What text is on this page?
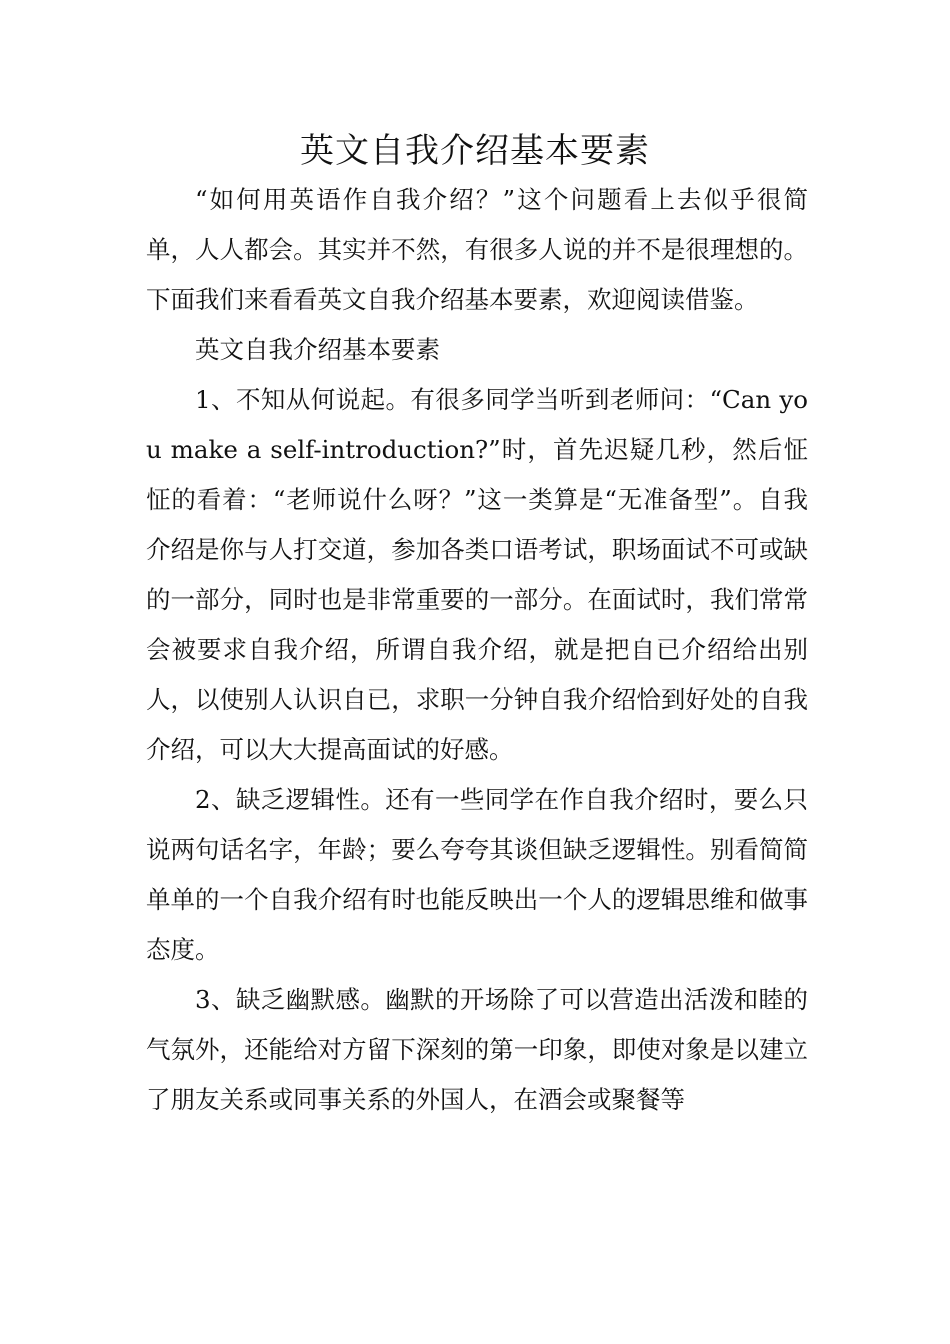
英文自我介绍基本要素

“如何用英语作自我介绍？”这个问题看上去似乎很简单，人人都会。其实并不然，有很多人说的并不是很理想的。下面我们来看看英文自我介绍基本要素，欢迎阅读借鉴。

英文自我介绍基本要素

1、不知从何说起。有很多同学当听到老师问：“Can you make a self-introduction?”时，首先迟疑几秒，然后怔怔的看着：“老师说什么呀？”这一类算是“无准备型”。自我介绍是你与人打交道，参加各类口语考试，职场面试不可或缺的一部分，同时也是非常重要的一部分。在面试时，我们常常会被要求自我介绍，所谓自我介绍，就是把自已介绍给出别人，以使别人认识自已，求职一分钟自我介绍恰到好处的自我介绍，可以大大提高面试的好感。

2、缺乏逻辑性。还有一些同学在作自我介绍时，要么只说两句话名字，年龄；要么夸夸其谈但缺乏逻辑性。别看简简单单的一个自我介绍有时也能反映出一个人的逻辑思维和做事态度。

3、缺乏幽默感。幽默的开场除了可以营造出活泼和睦的气氛外，还能给对方留下深刻的第一印象，即使对象是以建立了朋友关系或同事关系的外国人，在酒会或聚餐等
